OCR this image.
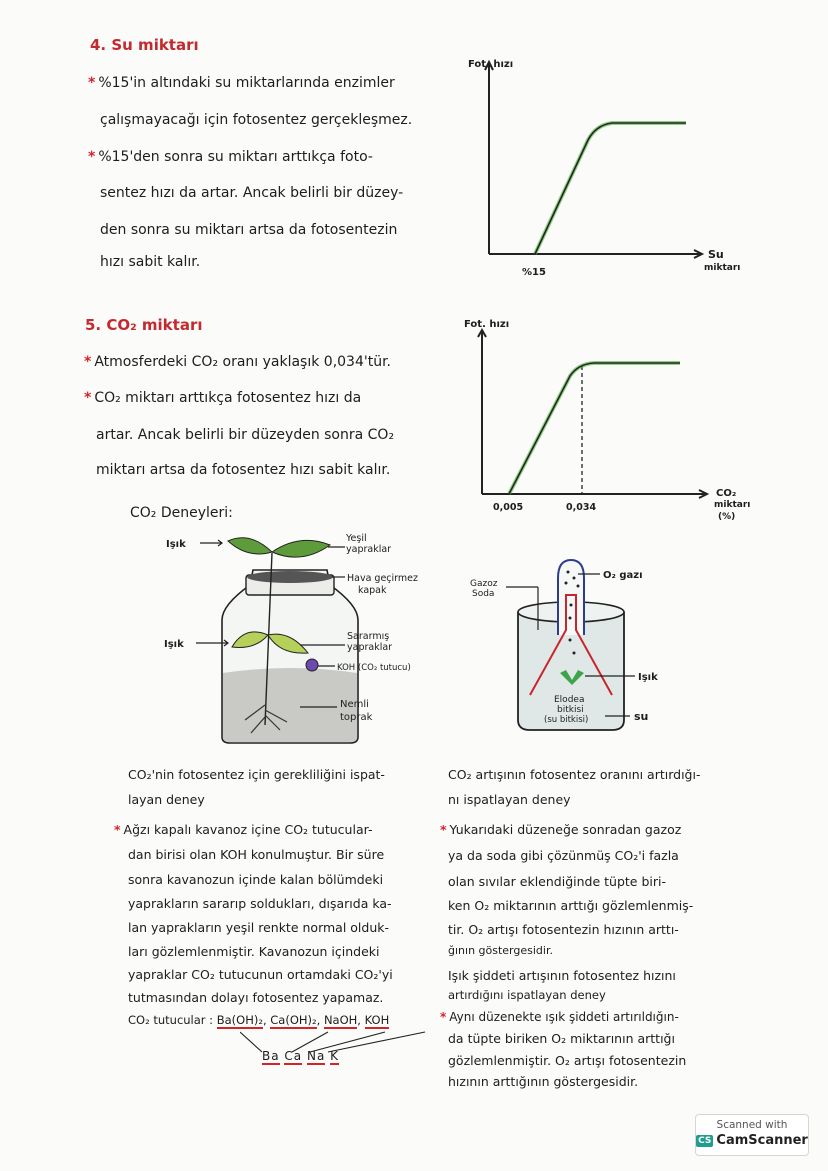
4. Su miktarı
* %15'in altındaki su miktarlarında enzimler
çalışmayacağı için fotosentez gerçekleşmez.
* %15'den sonra su miktarı arttıkça foto-
sentez hızı da artar. Ancak belirli bir düzey-
den sonra su miktarı artsa da fotosentezin
hızı sabit kalır.
Fot. hızı
%15
Su
miktarı
5. CO₂ miktarı
* Atmosferdeki CO₂ oranı yaklaşık 0,034'tür.
* CO₂ miktarı arttıkça fotosentez hızı da
artar. Ancak belirli bir düzeyden sonra CO₂
miktarı artsa da fotosentez hızı sabit kalır.
CO₂ Deneyleri:
Fot. hızı
0,005	0,034
CO₂
miktarı
(%)
Işık
Yeşil
yapraklar
Hava geçirmez
kapak
Işık
Sararmış
yapraklar
KOH (CO₂ tutucu)
Nemli
toprak
O₂ gazı
Gazoz
Soda
Işık
Elodea
bitkisi
(su bitkisi)	su
CO₂'nin fotosentez için gerekliliğini ispat-
layan deney
* Ağzı kapalı kavanoz içine CO₂ tutucular-
dan birisi olan KOH konulmuştur. Bir süre
sonra kavanozun içinde kalan bölümdeki
yaprakların sararıp soldukları, dışarıda ka-
lan yaprakların yeşil renkte normal olduk-
ları gözlemlenmiştir. Kavanozun içindeki
yapraklar CO₂ tutucunun ortamdaki CO₂'yi
tutmasından dolayı fotosentez yapamaz.
CO₂ tutucular : Ba(OH)₂, Ca(OH)₂, NaOH, KOH
Ba Ca Na K
CO₂ artışının fotosentez oranını artırdığı-
nı ispatlayan deney
* Yukarıdaki düzeneğe sonradan gazoz
ya da soda gibi çözünmüş CO₂'i fazla
olan sıvılar eklendiğinde tüpte biri-
ken O₂ miktarının arttığı gözlemlenmiş-
tir. O₂ artışı fotosentezin hızının arttı-
ğının göstergesidir.
Işık şiddeti artışının fotosentez hızını
artırdığını ispatlayan deney
* Aynı düzenekte ışık şiddeti artırıldığın-
da tüpte biriken O₂ miktarının arttığı
gözlemlenmiştir. O₂ artışı fotosentezin
hızının arttığının göstergesidir.
Scanned with
CS CamScanner
